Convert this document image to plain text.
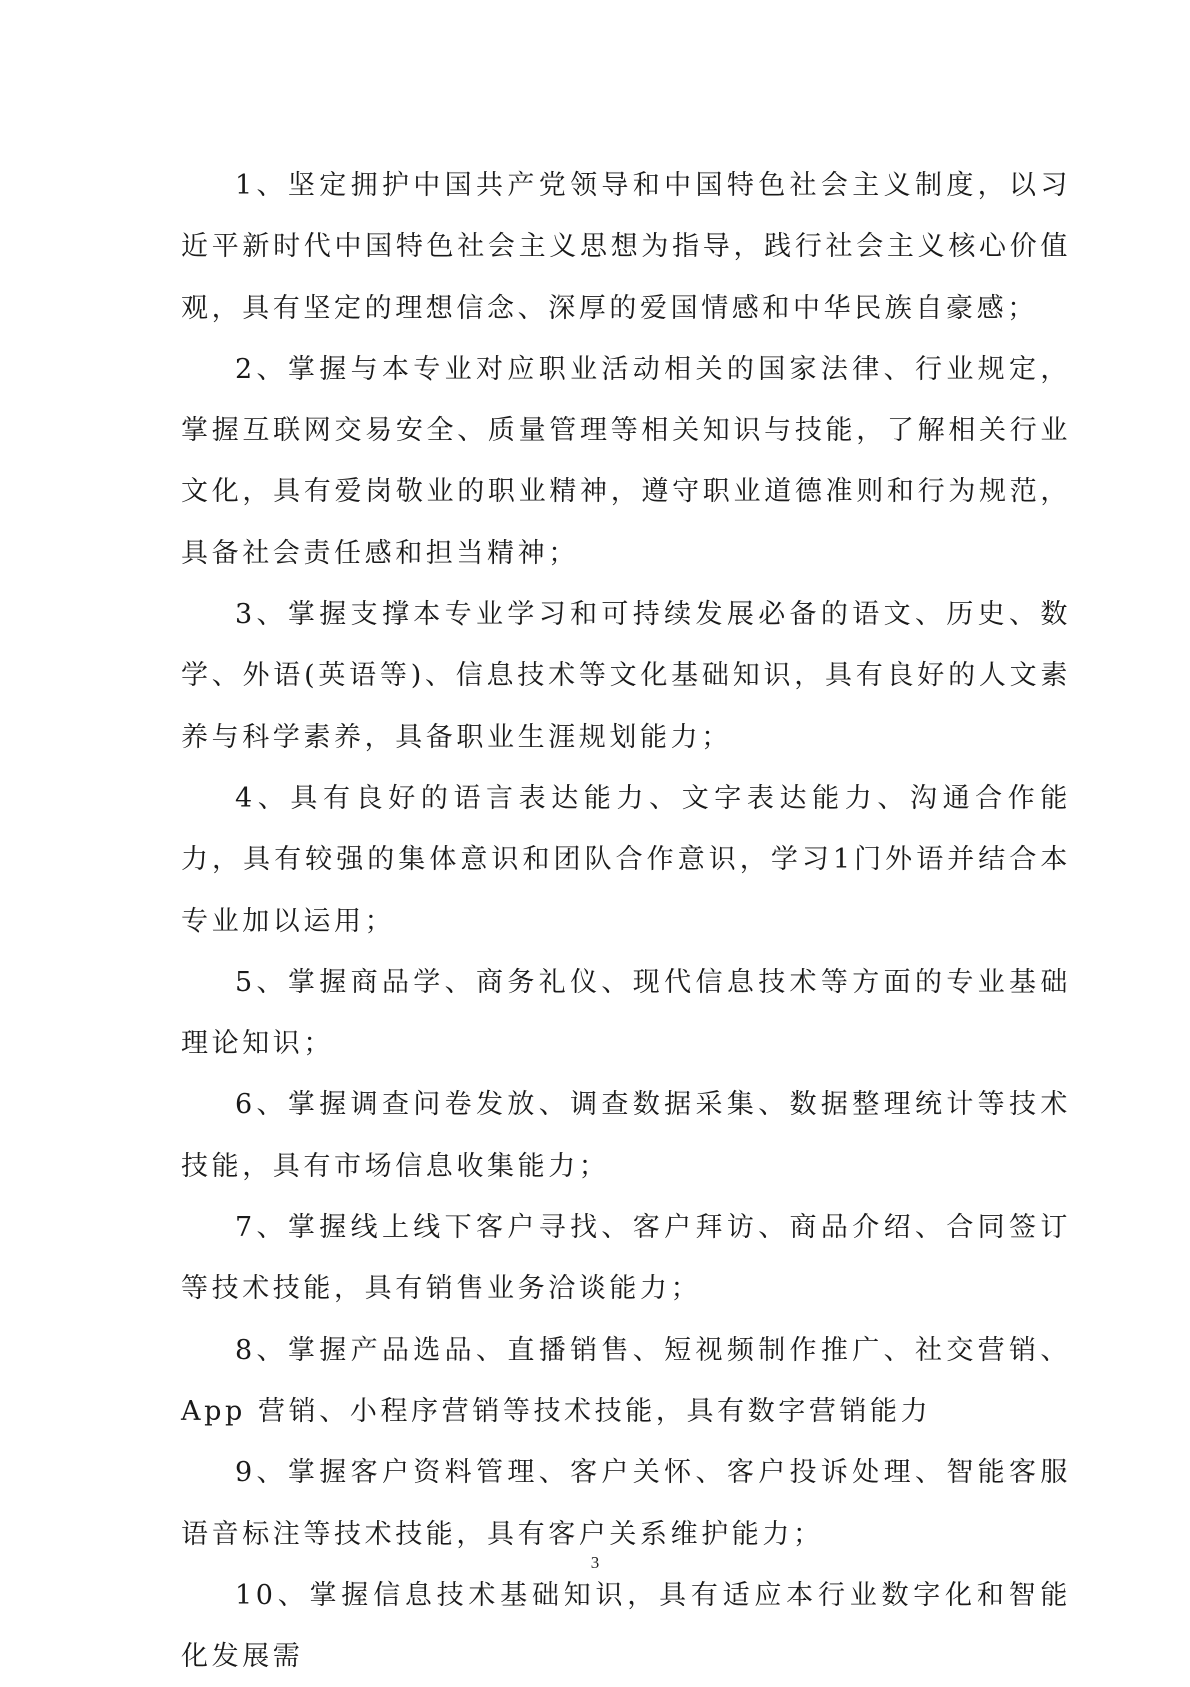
1、坚定拥护中国共产党领导和中国特色社会主义制度，以习近平新时代中国特色社会主义思想为指导，践行社会主义核心价值观，具有坚定的理想信念、深厚的爱国情感和中华民族自豪感；

2、掌握与本专业对应职业活动相关的国家法律、行业规定，掌握互联网交易安全、质量管理等相关知识与技能，了解相关行业文化，具有爱岗敬业的职业精神，遵守职业道德准则和行为规范，具备社会责任感和担当精神；

3、掌握支撑本专业学习和可持续发展必备的语文、历史、数学、外语(英语等)、信息技术等文化基础知识，具有良好的人文素养与科学素养，具备职业生涯规划能力；

4、具有良好的语言表达能力、文字表达能力、沟通合作能力，具有较强的集体意识和团队合作意识，学习1门外语并结合本专业加以运用；

5、掌握商品学、商务礼仪、现代信息技术等方面的专业基础理论知识；

6、掌握调查问卷发放、调查数据采集、数据整理统计等技术技能，具有市场信息收集能力；

7、掌握线上线下客户寻找、客户拜访、商品介绍、合同签订等技术技能，具有销售业务洽谈能力；

8、掌握产品选品、直播销售、短视频制作推广、社交营销、App 营销、小程序营销等技术技能，具有数字营销能力

9、掌握客户资料管理、客户关怀、客户投诉处理、智能客服语音标注等技术技能，具有客户关系维护能力；

10、掌握信息技术基础知识，具有适应本行业数字化和智能化发展需

3
